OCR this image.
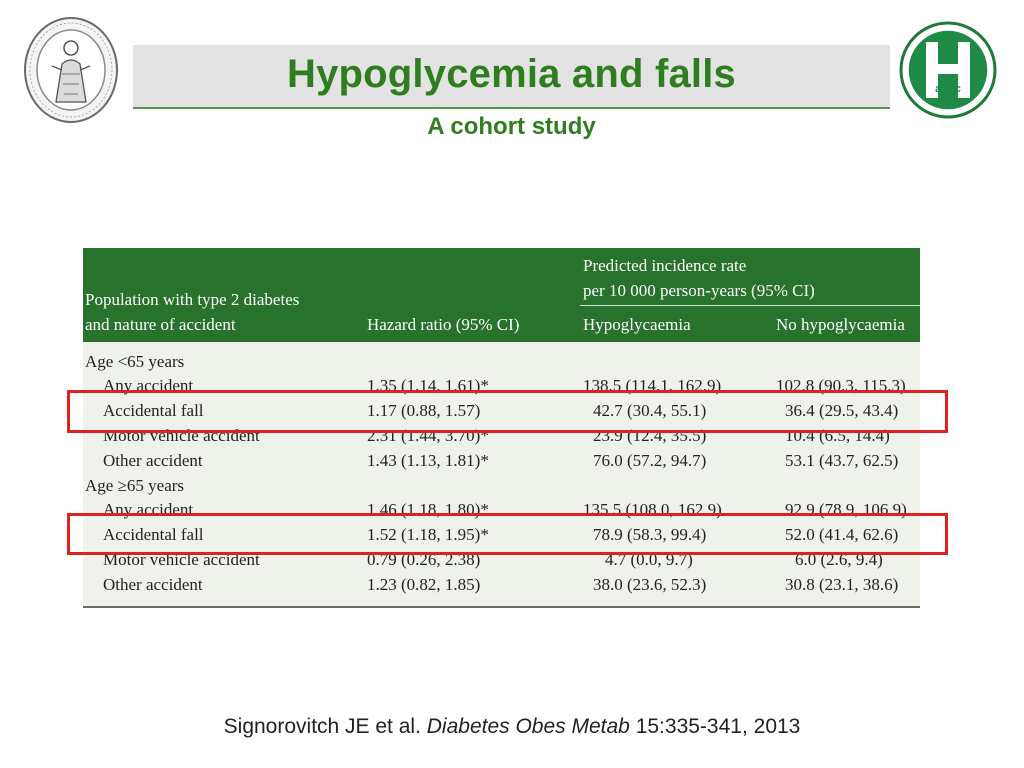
Hypoglycemia and falls
A cohort study
aouc
Population with type 2 diabetes
and nature of accident	Hazard ratio (95% CI)
Predicted incidence rate
per 10 000 person-years (95% CI)
Hypoglycaemia	No hypoglycaemia
Age <65 years
Any accident	1.35 (1.14, 1.61)*	138.5 (114.1, 162.9)	102.8 (90.3, 115.3)
Accidental fall	1.17 (0.88, 1.57)	42.7 (30.4, 55.1)	36.4 (29.5, 43.4)
Motor vehicle accident	2.31 (1.44, 3.70)*	23.9 (12.4, 35.5)	10.4 (6.5, 14.4)
Other accident	1.43 (1.13, 1.81)*	76.0 (57.2, 94.7)	53.1 (43.7, 62.5)
Age ≥65 years
Any accident	1.46 (1.18, 1.80)*	135.5 (108.0, 162.9)	92.9 (78.9, 106.9)
Accidental fall	1.52 (1.18, 1.95)*	78.9 (58.3, 99.4)	52.0 (41.4, 62.6)
Motor vehicle accident	0.79 (0.26, 2.38)	4.7 (0.0, 9.7)	6.0 (2.6, 9.4)
Other accident	1.23 (0.82, 1.85)	38.0 (23.6, 52.3)	30.8 (23.1, 38.6)
Signorovitch JE et al. Diabetes Obes Metab 15:335-341, 2013
